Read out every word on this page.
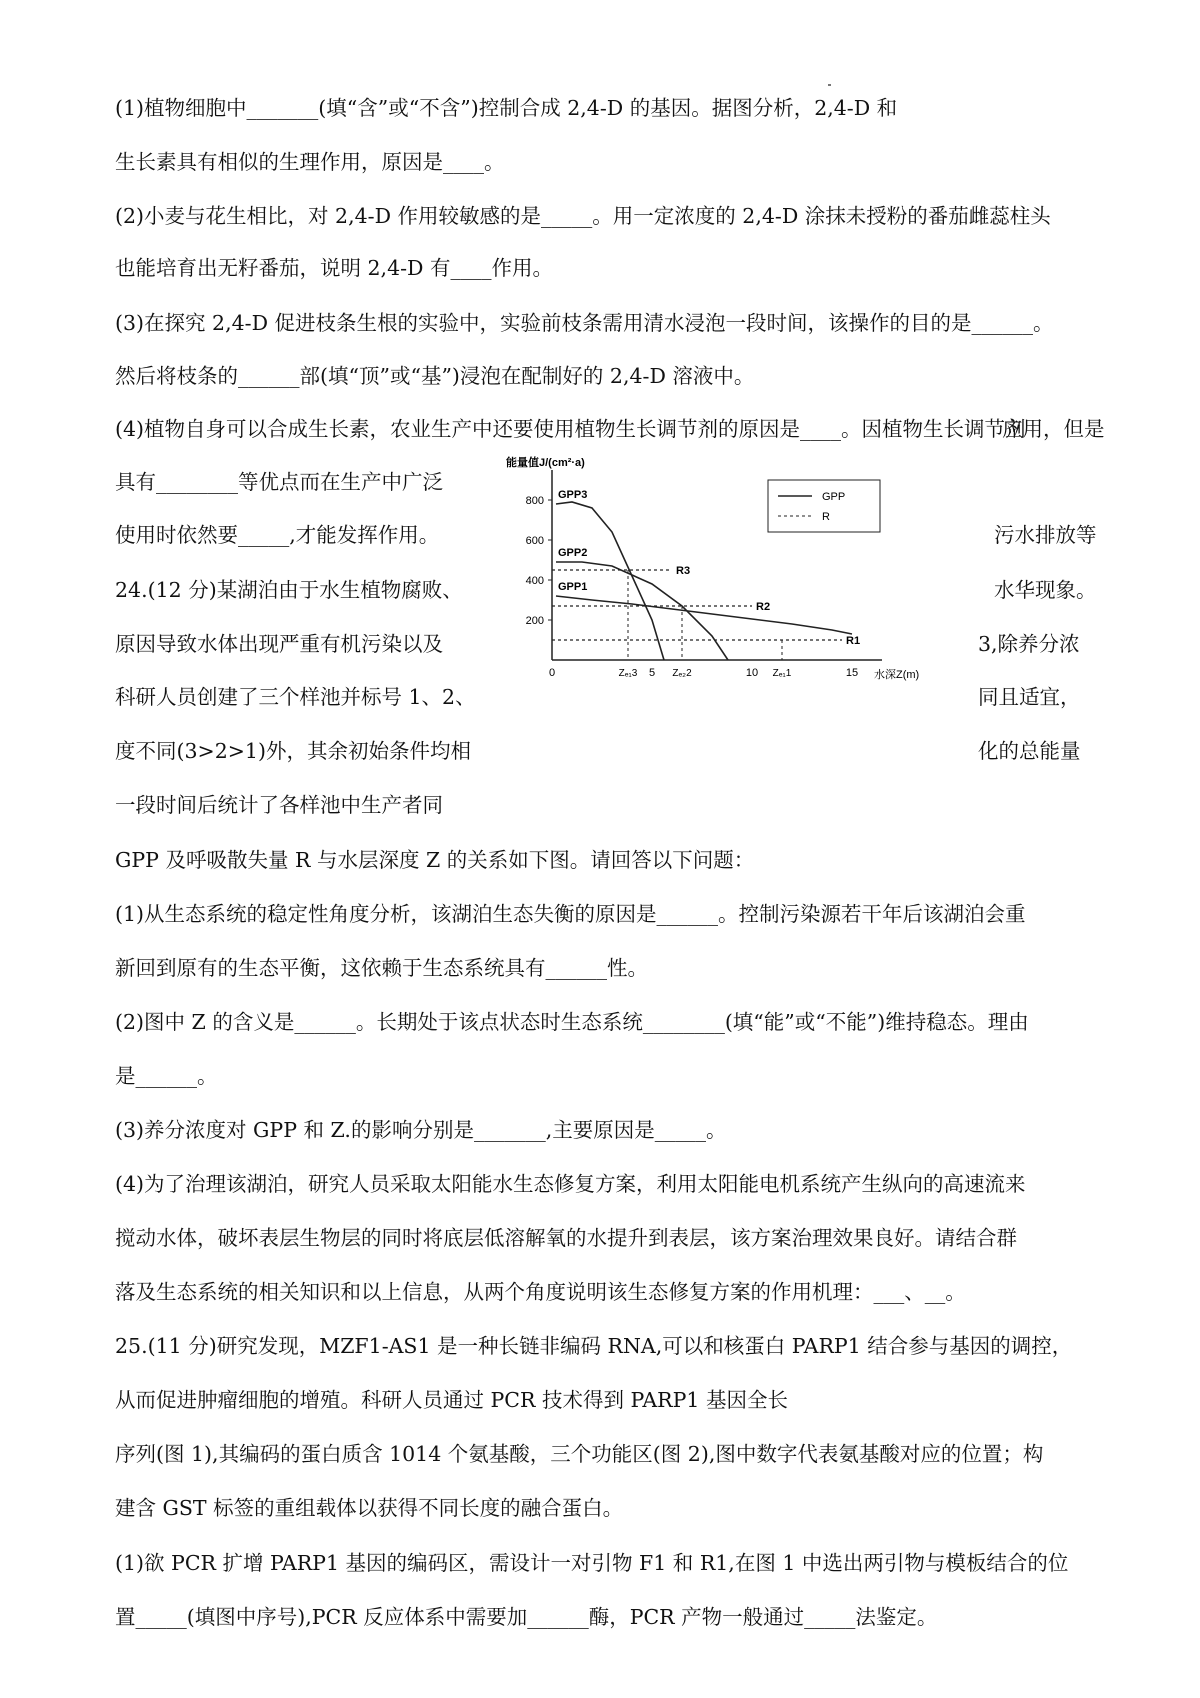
(1)植物细胞中_______(填“含”或“不含”)控制合成 2,4-D 的基因。据图分析，2,4-D 和
生长素具有相似的生理作用，原因是____。
(2)小麦与花生相比，对 2,4-D 作用较敏感的是_____。用一定浓度的 2,4-D 涂抹未授粉的番茄雌蕊柱头
也能培育出无籽番茄，说明 2,4-D 有____作用。
(3)在探究 2,4-D 促进枝条生根的实验中，实验前枝条需用清水浸泡一段时间，该操作的目的是______。
然后将枝条的______部(填“顶”或“基”)浸泡在配制好的 2,4-D 溶液中。
(4)植物自身可以合成生长素，农业生产中还要使用植物生长调节剂的原因是____。因植物生长调节剂
具有________等优点而在生产中广泛
使用时依然要_____,才能发挥作用。
24.(12 分)某湖泊由于水生植物腐败、
原因导致水体出现严重有机污染以及
科研人员创建了三个样池并标号 1、2、
度不同(3>2>1)外，其余初始条件均相
一段时间后统计了各样池中生产者同
GPP 及呼吸散失量 R 与水层深度 Z 的关系如下图。请回答以下问题：
(1)从生态系统的稳定性角度分析，该湖泊生态失衡的原因是______。控制污染源若干年后该湖泊会重
新回到原有的生态平衡，这依赖于生态系统具有______性。
(2)图中 Z 的含义是______。长期处于该点状态时生态系统________(填“能”或“不能”)维持稳态。理由
是______。
(3)养分浓度对 GPP 和 Z.的影响分别是_______,主要原因是_____。
(4)为了治理该湖泊，研究人员采取太阳能水生态修复方案，利用太阳能电机系统产生纵向的高速流来
搅动水体，破坏表层生物层的同时将底层低溶解氧的水提升到表层，该方案治理效果良好。请结合群
落及生态系统的相关知识和以上信息，从两个角度说明该生态修复方案的作用机理：___、__。
25.(11 分)研究发现，MZF1-AS1 是一种长链非编码 RNA,可以和核蛋白 PARP1 结合参与基因的调控，
从而促进肿瘤细胞的增殖。科研人员通过 PCR 技术得到 PARP1 基因全长
序列(图 1),其编码的蛋白质含 1014 个氨基酸，三个功能区(图 2),图中数字代表氨基酸对应的位置；构
建含 GST 标签的重组载体以获得不同长度的融合蛋白。
(1)欲 PCR 扩增 PARP1 基因的编码区，需设计一对引物 F1 和 R1,在图 1 中选出两引物与模板结合的位
置_____(填图中序号),PCR 反应体系中需要加______酶，PCR 产物一般通过_____法鉴定。
应用，但是
污水排放等
水华现象。
3,除养分浓
同且适宜，
化的总能量
能量值J/(cm²·a)
水深Z(m)
200
400
600
800
0	5	10	15
GPP3
GPP2
GPP1
R3
R2
R1
Zₑ₁3	Zₑ₂2	Zₑ₁1
GPP
R
